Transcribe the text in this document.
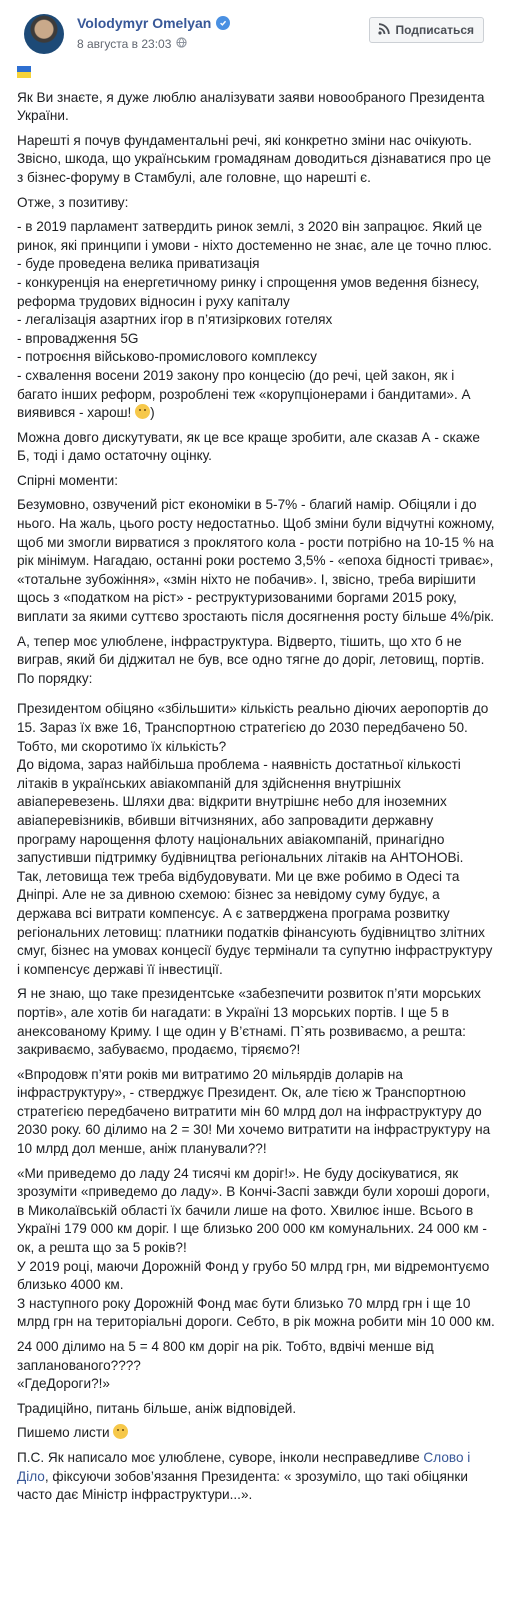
Volodymyr Omelyan
8 августа в 23:03
Подписаться

Як Ви знаєте, я дуже люблю аналізувати заяви новообраного Президента України.

Нарешті я почув фундаментальні речі, які конкретно зміни нас очікують. Звісно, шкода, що українським громадянам доводиться дізнаватися про це з бізнес-форуму в Стамбулі, але головне, що нарешті є.

Отже, з позитиву:

- в 2019 парламент затвердить ринок землі, з 2020 він запрацює. Який це ринок, які принципи і умови - ніхто достеменно не знає, але це точно плюс.
- буде проведена велика приватизація
- конкуренція на енергетичному ринку і спрощення умов ведення бізнесу, реформа трудових відносин і руху капіталу
- легалізація азартних ігор в п’ятизіркових готелях
- впровадження 5G
- потроєння військово-промислового комплексу
- схвалення восени 2019 закону про концесію (до речі, цей закон, як і багато інших реформ, розроблені теж «корупціонерами і бандитами». А виявився - харош! )

Можна довго дискутувати, як це все краще зробити, але сказав А - скаже Б, тоді і дамо остаточну оцінку.

Спірні моменти:

Безумовно, озвучений ріст економіки в 5-7% - благий намір. Обіцяли і до нього. На жаль, цього росту недостатньо. Щоб зміни були відчутні кожному, щоб ми змогли вирватися з проклятого кола - рости потрібно на 10-15 % на рік мінімум. Нагадаю, останні роки ростемо 3,5% - «епоха бідності триває», «тотальне зубожіння», «змін ніхто не побачив». І, звісно, треба вирішити щось з «податком на ріст» - реструктуризованими боргами 2015 року, виплати за якими суттєво зростають після досягнення росту більше 4%/рік.

А, тепер моє улюблене, інфраструктура. Відверто, тішить, що хто б не виграв, який би діджитал не був, все одно тягне до доріг, летовищ, портів.
По порядку:

Президентом обіцяно «збільшити» кількість реально діючих аеропортів до 15. Зараз їх вже 16, Транспортною стратегією до 2030 передбачено 50. Тобто, ми скоротимо їх кількість?
До відома, зараз найбільша проблема - наявність достатньої кількості літаків в українських авіакомпаній для здійснення внутрішніх авіаперевезень. Шляхи два: відкрити внутрішнє небо для іноземних авіаперевізників, вбивши вітчизняних, або запровадити державну програму нарощення флоту національних авіакомпаній, принагідно запустивши підтримку будівництва регіональних літаків на АНТОНОВі.
Так, летовища теж треба відбудовувати. Ми це вже робимо в Одесі та Дніпрі. Але не за дивною схемою: бізнес за невідому суму будує, а держава всі витрати компенсує. А є затверджена програма розвитку регіональних летовищ: платники податків фінансують будівництво злітних смуг, бізнес на умовах концесії будує термінали та супутню інфраструктуру і компенсує державі її інвестиції.

Я не знаю, що таке президентське «забезпечити розвиток п’яти морських портів», але хотів би нагадати: в Україні 13 морських портів. І ще 5 в анексованому Криму. І ще один у В’єтнамі. П`ять розвиваємо, а решта: закриваємо, забуваємо, продаємо, тіряємо?!

«Впродовж п’яти років ми витратимо 20 мільярдів доларів на інфраструктуру», - стверджує Президент. Ок, але тією ж Транспортною стратегією передбачено витратити мін 60 млрд дол на інфраструктуру до 2030 року. 60 ділимо на 2 = 30! Ми хочемо витратити на інфраструктуру на 10 млрд дол менше, аніж планували??!

«Ми приведемо до ладу 24 тисячі км доріг!». Не буду досікуватися, як зрозуміти «приведемо до ладу». В Кончі-Заспі завжди були хороші дороги, в Миколаївській області їх бачили лише на фото. Хвилює інше. Всього в Україні 179 000 км доріг. І ще близько 200 000 км комунальних. 24 000 км - ок, а решта що за 5 років?!
У 2019 році, маючи Дорожній Фонд у грубо 50 млрд грн, ми відремонтуємо близько 4000 км.
З наступного року Дорожній Фонд має бути близько 70 млрд грн і ще 10 млрд грн на територіальні дороги. Себто, в рік можна робити мін 10 000 км.

24 000 ділимо на 5 = 4 800 км доріг на рік. Тобто, вдвічі менше від запланованого????
«ГдеДороги?!»

Традиційно, питань більше, аніж відповідей.

Пишемо листи

П.С. Як написало моє улюблене, суворе, інколи несправедливе Слово і Діло, фіксуючи зобов’язання Президента: « зрозуміло, що такі обіцянки часто дає Міністр інфраструктури...».
